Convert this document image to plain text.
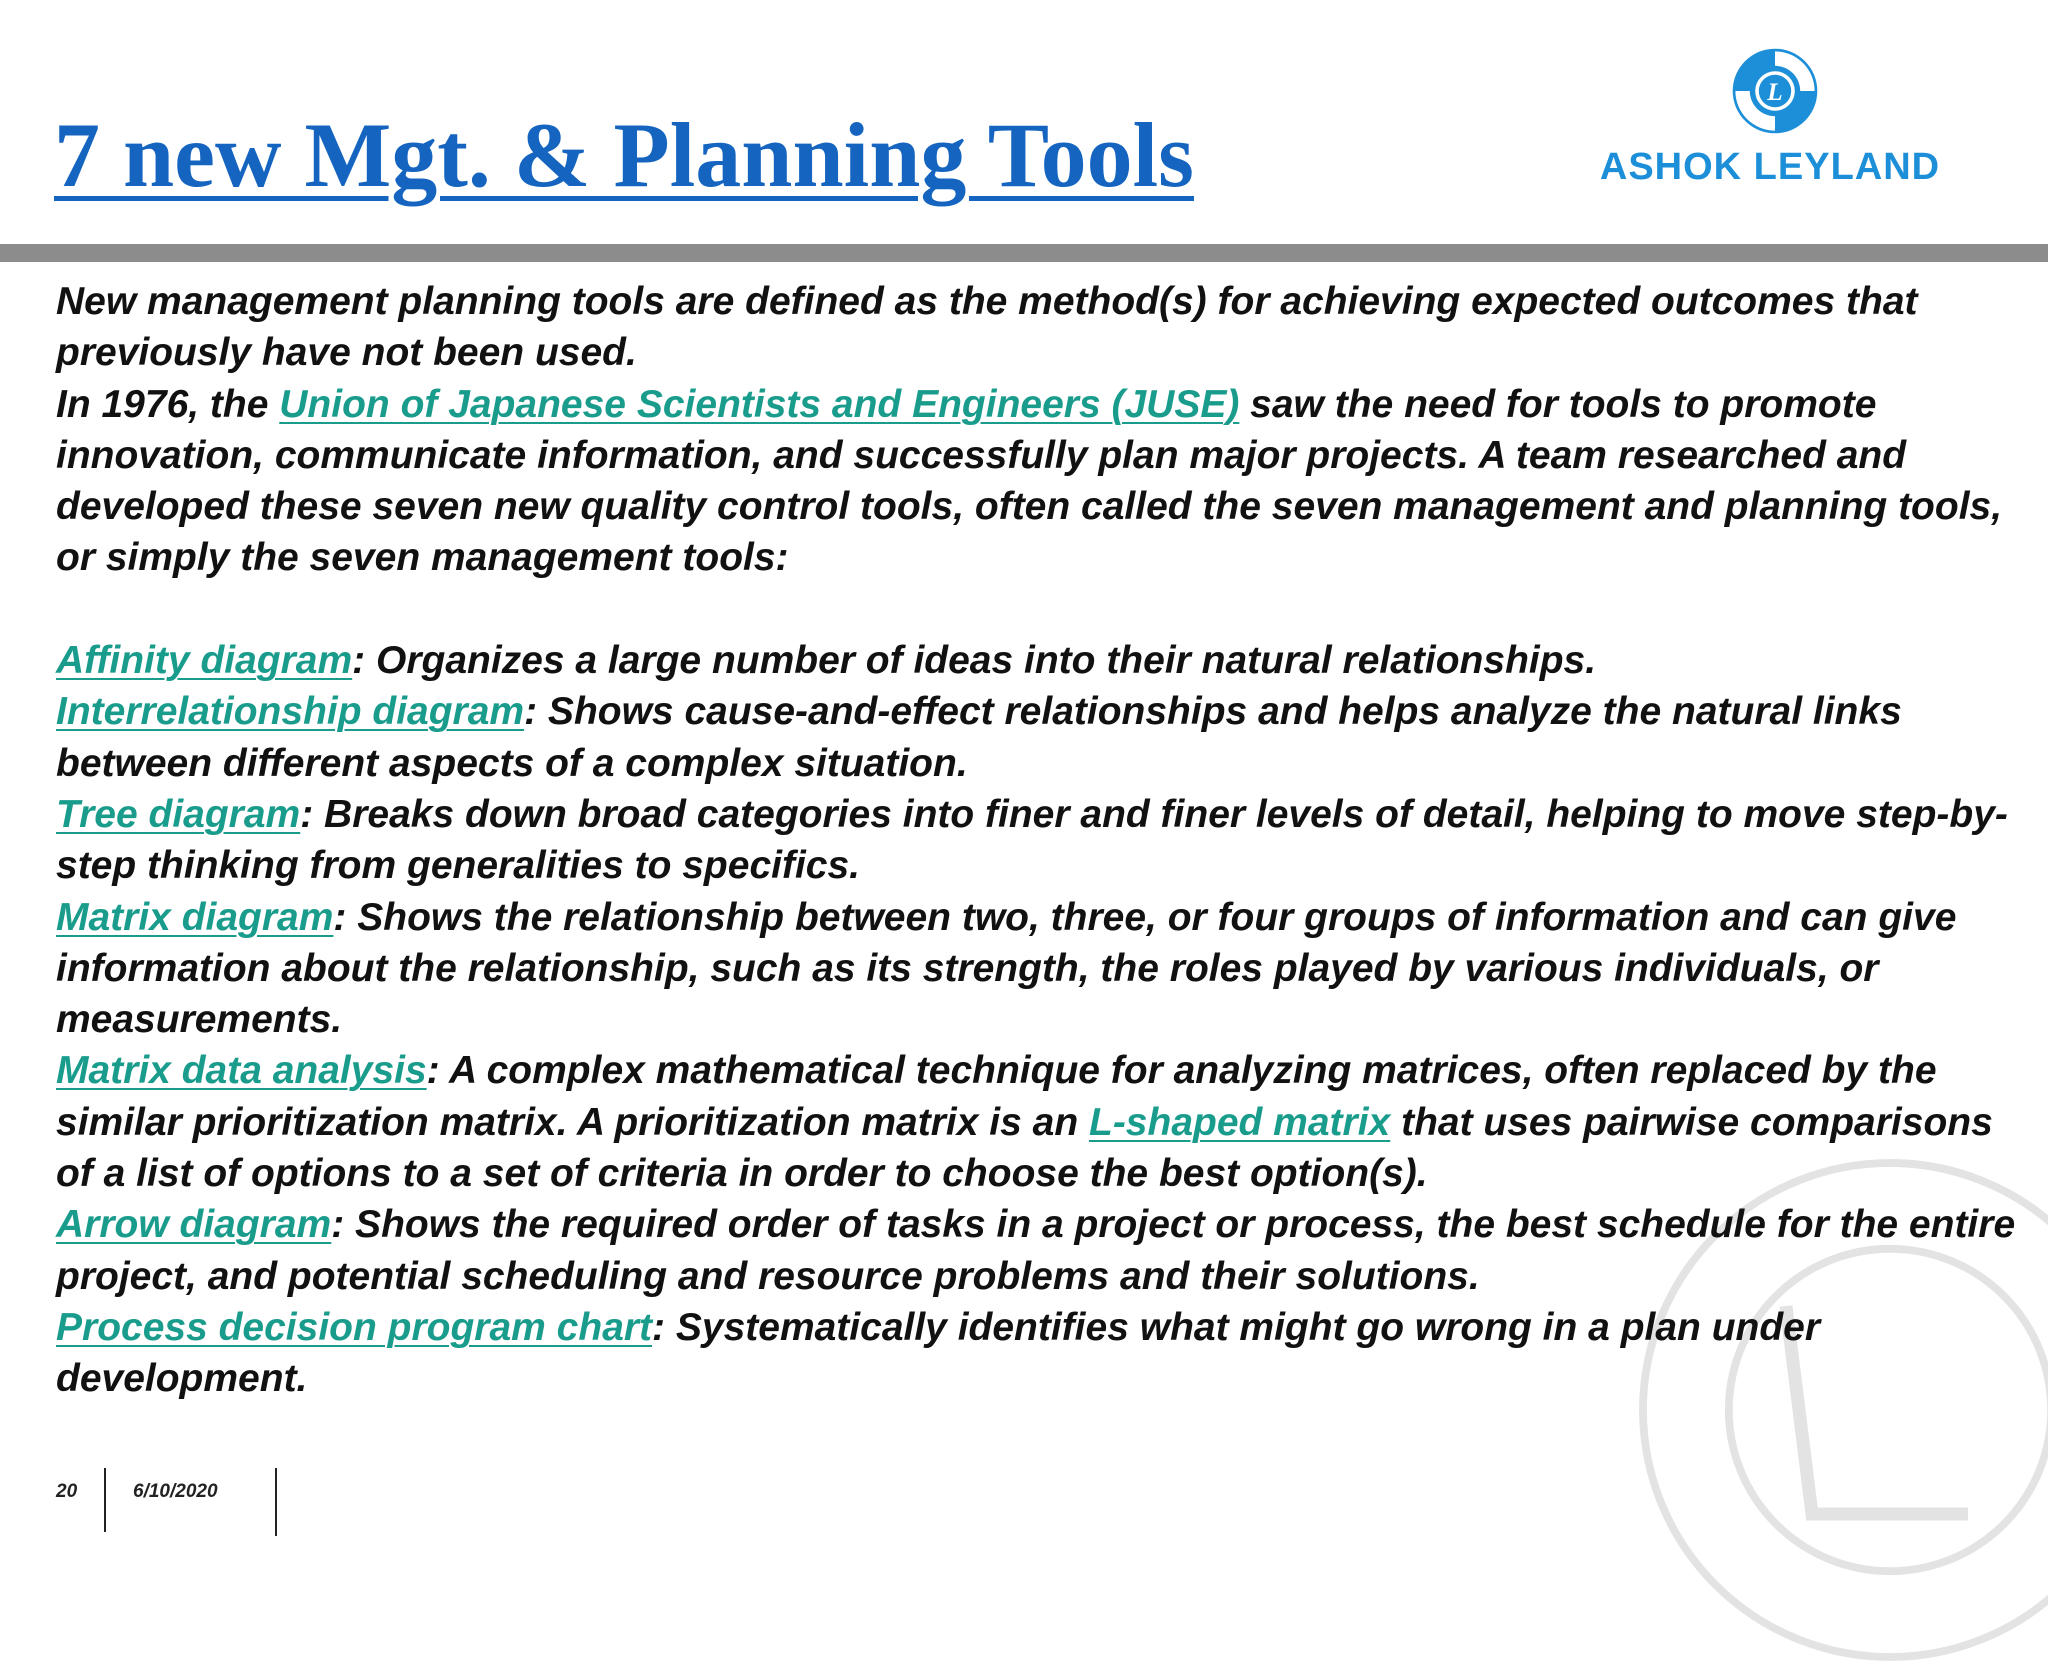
7 new Mgt. & Planning Tools
L
ASHOK LEYLAND

New management planning tools are defined as the method(s) for achieving expected outcomes that previously have not been used.

In 1976, the Union of Japanese Scientists and Engineers (JUSE) saw the need for tools to promote innovation, communicate information, and successfully plan major projects. A team researched and developed these seven new quality control tools, often called the seven management and planning tools, or simply the seven management tools:

Affinity diagram: Organizes a large number of ideas into their natural relationships.

Interrelationship diagram: Shows cause-and-effect relationships and helps analyze the natural links between different aspects of a complex situation.

Tree diagram: Breaks down broad categories into finer and finer levels of detail, helping to move step-by-step thinking from generalities to specifics.

Matrix diagram: Shows the relationship between two, three, or four groups of information and can give information about the relationship, such as its strength, the roles played by various individuals, or measurements.

Matrix data analysis: A complex mathematical technique for analyzing matrices, often replaced by the similar prioritization matrix. A prioritization matrix is an L-shaped matrix that uses pairwise comparisons of a list of options to a set of criteria in order to choose the best option(s).

Arrow diagram: Shows the required order of tasks in a project or process, the best schedule for the entire project, and potential scheduling and resource problems and their solutions.

Process decision program chart: Systematically identifies what might go wrong in a plan under development.

20	6/10/2020
